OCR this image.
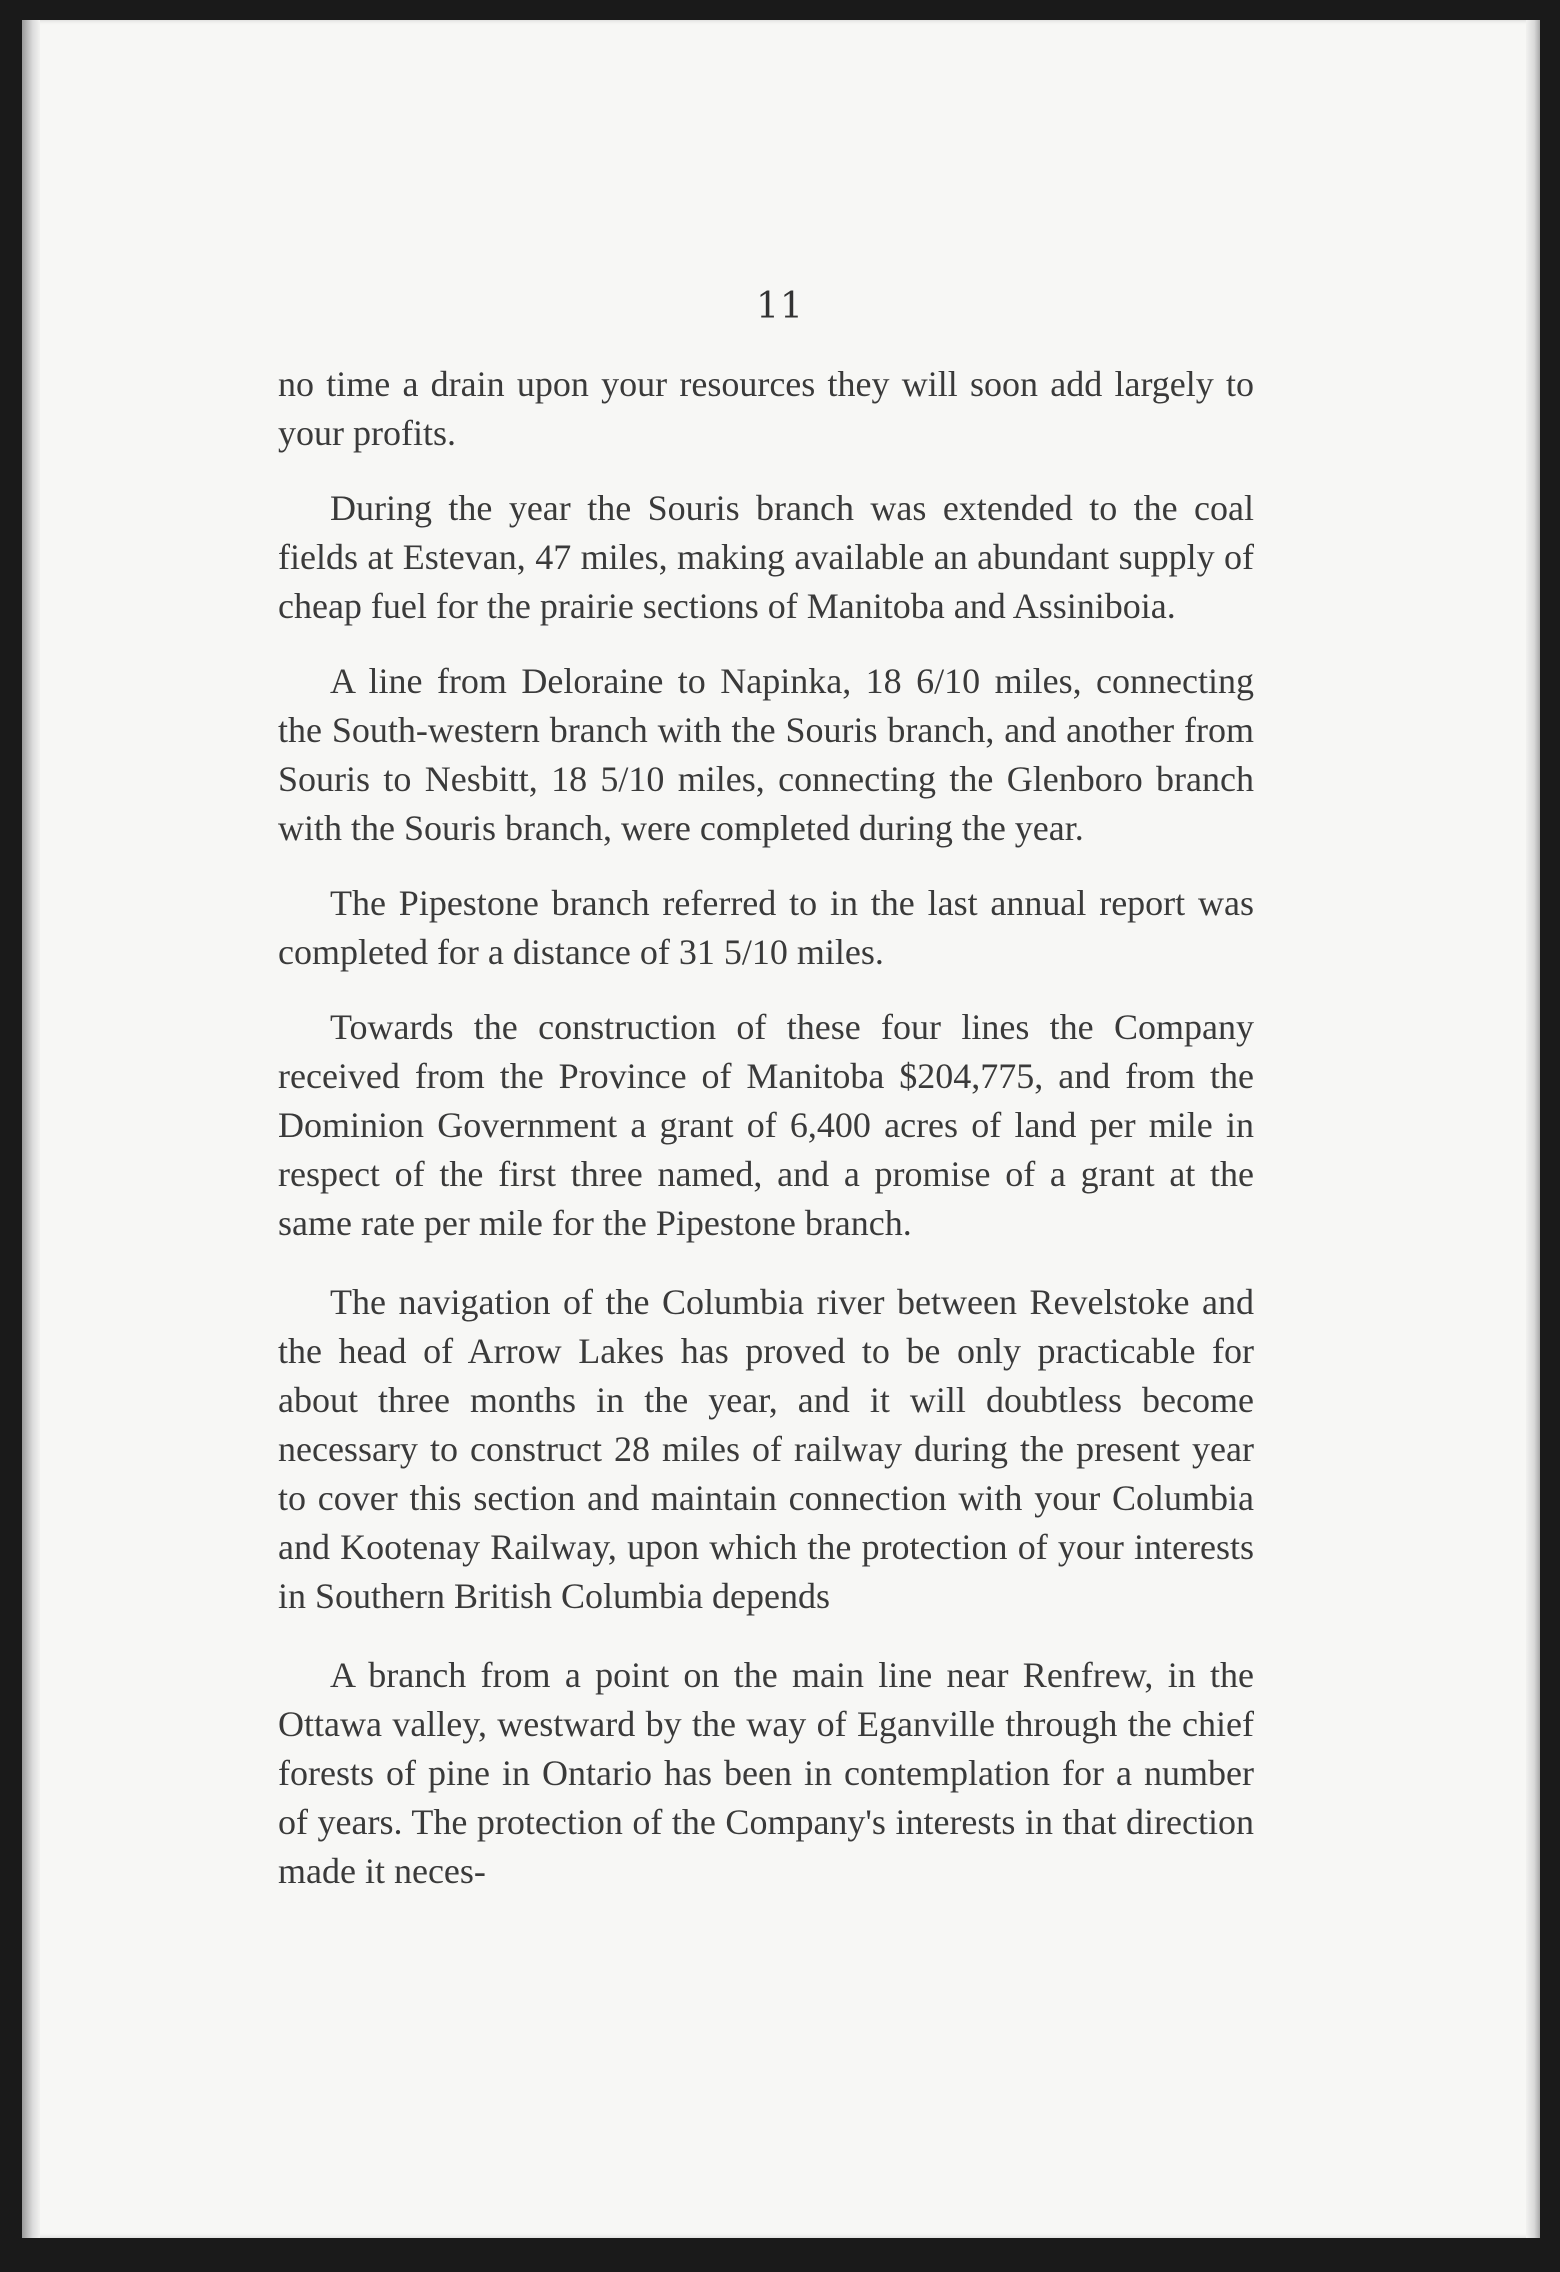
11

no time a drain upon your resources they will soon add largely to your profits.

During the year the Souris branch was extended to the coal fields at Estevan, 47 miles, making available an abundant supply of cheap fuel for the prairie sections of Manitoba and Assiniboia.

A line from Deloraine to Napinka, 18 6/10 miles, connecting the South-western branch with the Souris branch, and another from Souris to Nesbitt, 18 5/10 miles, connecting the Glenboro branch with the Souris branch, were completed during the year.

The Pipestone branch referred to in the last annual report was completed for a distance of 31 5/10 miles.

Towards the construction of these four lines the Company received from the Province of Manitoba $204,775, and from the Dominion Government a grant of 6,400 acres of land per mile in respect of the first three named, and a promise of a grant at the same rate per mile for the Pipestone branch.

The navigation of the Columbia river between Revelstoke and the head of Arrow Lakes has proved to be only practicable for about three months in the year, and it will doubtless become necessary to construct 28 miles of railway during the present year to cover this section and maintain connection with your Columbia and Kootenay Railway, upon which the protection of your interests in Southern British Columbia depends

A branch from a point on the main line near Renfrew, in the Ottawa valley, westward by the way of Eganville through the chief forests of pine in Ontario has been in contemplation for a number of years. The protection of the Company's interests in that direction made it neces-
